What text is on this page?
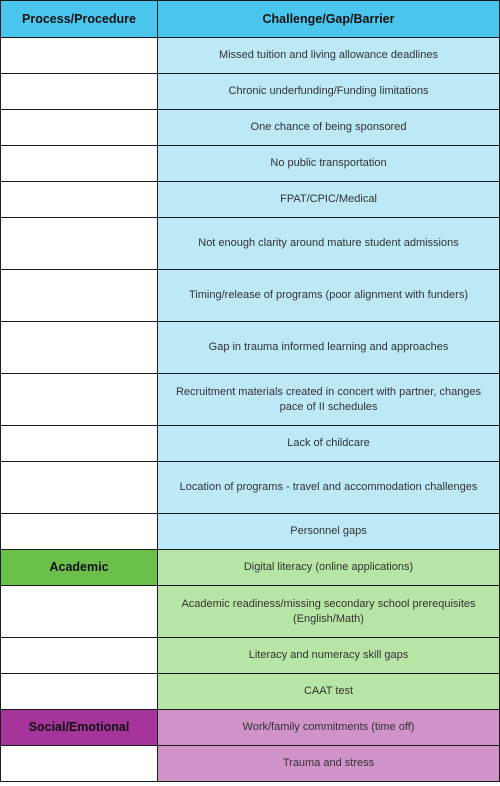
Process/Procedure	Challenge/Gap/Barrier
	Missed tuition and living allowance deadlines
	Chronic underfunding/Funding limitations
	One chance of being sponsored
	No public transportation
	FPAT/CPIC/Medical
	Not enough clarity around mature student admissions
	Timing/release of programs (poor alignment with funders)
	Gap in trauma informed learning and approaches
	Recruitment materials created in concert with partner, changes pace of II schedules
	Lack of childcare
	Location of programs - travel and accommodation challenges
	Personnel gaps
Academic	Digital literacy (online applications)
	Academic readiness/missing secondary school prerequisites (English/Math)
	Literacy and numeracy skill gaps
	CAAT test
Social/Emotional	Work/family commitments (time off)
	Trauma and stress
